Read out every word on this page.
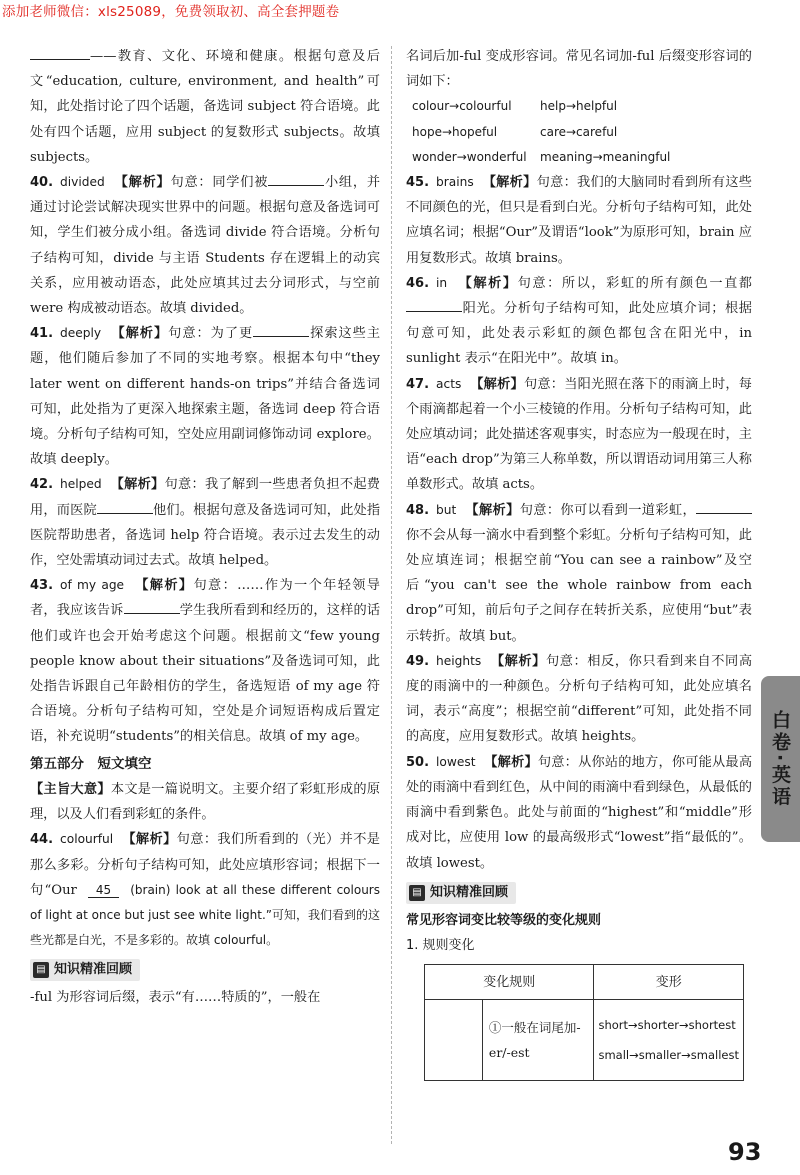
添加老师微信：xls25089，免费领取初、高全套押题卷

——教育、文化、环境和健康。根据句意及后文“education, culture, environment, and health”可知，此处指讨论了四个话题，备选词 subject 符合语境。此处有四个话题，应用 subject 的复数形式 subjects。故填 subjects。

40. divided 【解析】句意：同学们被	小组，并通过讨论尝试解决现实世界中的问题。根据句意及备选词可知，学生们被分成小组。备选词 divide 符合语境。分析句子结构可知，divide 与主语 Students 存在逻辑上的动宾关系，应用被动语态，此处应填其过去分词形式，与空前 were 构成被动语态。故填 divided。

41. deeply 【解析】句意：为了更	探索这些主题，他们随后参加了不同的实地考察。根据本句中“they later went on different hands-on trips”并结合备选词可知，此处指为了更深入地探索主题，备选词 deep 符合语境。分析句子结构可知，空处应用副词修饰动词 explore。故填 deeply。

42. helped 【解析】句意：我了解到一些患者负担不起费用，而医院	他们。根据句意及备选词可知，此处指医院帮助患者，备选词 help 符合语境。表示过去发生的动作，空处需填动词过去式。故填 helped。

43. of my age 【解析】句意：……作为一个年轻领导者，我应该告诉	学生我所看到和经历的，这样的话他们或许也会开始考虑这个问题。根据前文“few young people know about their situations”及备选词可知，此处指告诉跟自己年龄相仿的学生，备选短语 of my age 符合语境。分析句子结构可知，空处是介词短语构成后置定语，补充说明“students”的相关信息。故填 of my age。

第五部分　短文填空

【主旨大意】本文是一篇说明文。主要介绍了彩虹形成的原理，以及人们看到彩虹的条件。

44. colourful 【解析】句意：我们所看到的（光）并不是那么多彩。分析句子结构可知，此处应填形容词；根据下一句“Our 45 (brain) look at all these different colours of light at once but just see white light.”可知，我们看到的这些光都是白光，不是多彩的。故填 colourful。

▤ 知识精准回顾

-ful 为形容词后缀，表示“有……特质的”，一般在

名词后加-ful 变成形容词。常见名词加-ful 后缀变形容词的词如下：

colour→colourful	help→helpful
hope→hopeful	care→careful
wonder→wonderful	meaning→meaningful

45. brains 【解析】句意：我们的大脑同时看到所有这些不同颜色的光，但只是看到白光。分析句子结构可知，此处应填名词；根据“Our”及谓语“look”为原形可知，brain 应用复数形式。故填 brains。

46. in 【解析】句意：所以，彩虹的所有颜色一直都阳光。分析句子结构可知，此处应填介词；根据句意可知，此处表示彩虹的颜色都包含在阳光中，in sunlight 表示“在阳光中”。故填 in。

47. acts 【解析】句意：当阳光照在落下的雨滴上时，每个雨滴都起着一个小三棱镜的作用。分析句子结构可知，此处应填动词；此处描述客观事实，时态应为一般现在时，主语“each drop”为第三人称单数，所以谓语动词用第三人称单数形式。故填 acts。

48. but 【解析】句意：你可以看到一道彩虹，你不会从每一滴水中看到整个彩虹。分析句子结构可知，此处应填连词；根据空前“You can see a rainbow”及空后“you can't see the whole rainbow from each drop”可知，前后句子之间存在转折关系，应使用“but”表示转折。故填 but。

49. heights 【解析】句意：相反，你只看到来自不同高度的雨滴中的一种颜色。分析句子结构可知，此处应填名词，表示“高度”；根据空前“different”可知，此处指不同的高度，应用复数形式。故填 heights。

50. lowest 【解析】句意：从你站的地方，你可能从最高处的雨滴中看到红色，从中间的雨滴中看到绿色，从最低的雨滴中看到紫色。此处与前面的“highest”和“middle”形成对比，应使用 low 的最高级形式“lowest”指“最低的”。故填 lowest。

▤ 知识精准回顾
常见形容词变比较等级的变化规则
1. 规则变化
变化规则		变形
	①一般在词尾加-er/-est	short→shorter→shortest
small→smaller→smallest
白卷·英语
93
